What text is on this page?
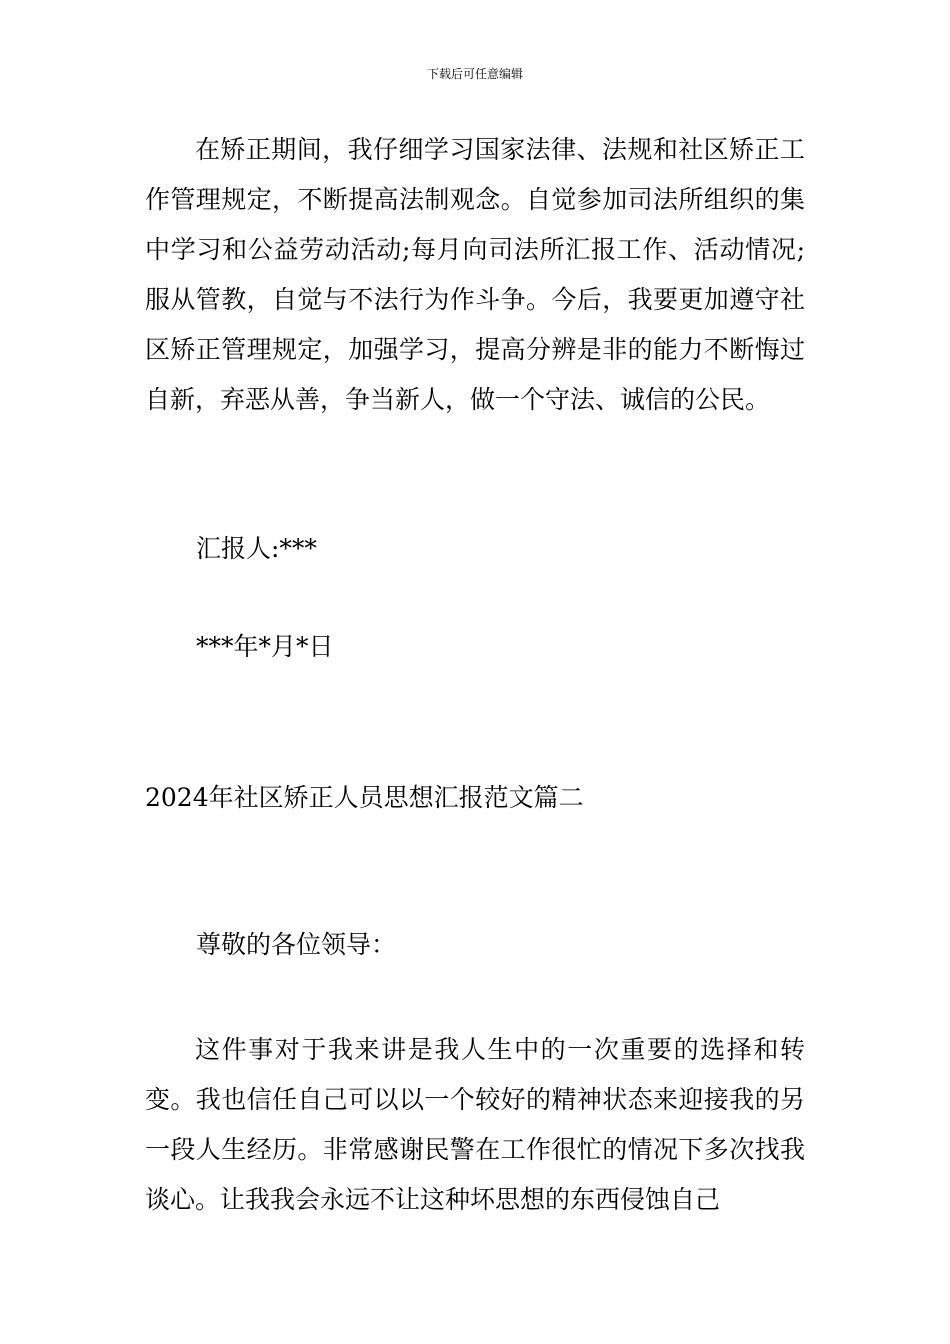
下载后可任意编辑

在矫正期间，我仔细学习国家法律、法规和社区矫正工作管理规定，不断提高法制观念。自觉参加司法所组织的集中学习和公益劳动活动;每月向司法所汇报工作、活动情况;服从管教，自觉与不法行为作斗争。今后，我要更加遵守社区矫正管理规定，加强学习，提高分辨是非的能力不断悔过自新，弃恶从善，争当新人，做一个守法、诚信的公民。

汇报人:***

***年*月*日

2024年社区矫正人员思想汇报范文篇二

尊敬的各位领导：

这件事对于我来讲是我人生中的一次重要的选择和转变。我也信任自己可以以一个较好的精神状态来迎接我的另一段人生经历。非常感谢民警在工作很忙的情况下多次找我谈心。让我我会永远不让这种坏思想的东西侵蚀自己
